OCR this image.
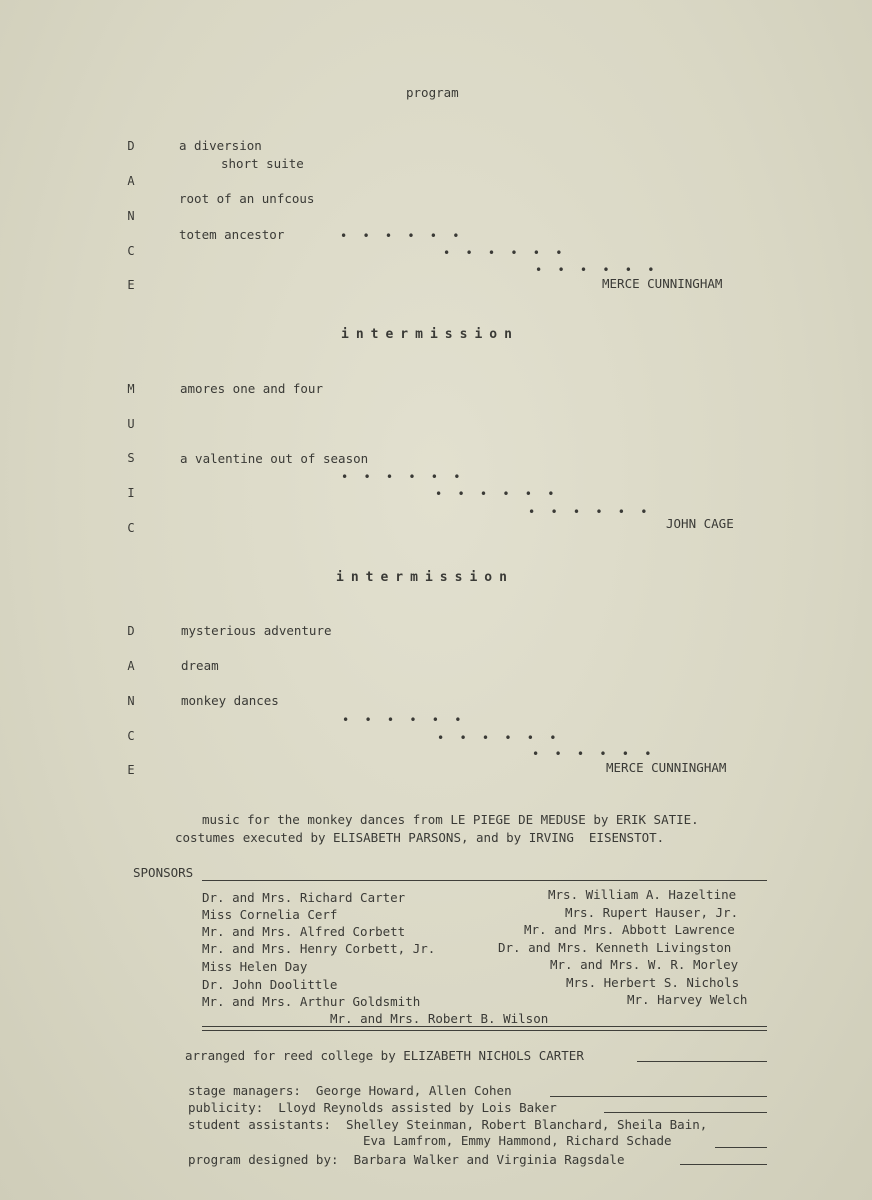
program
D
A
N
C
E
a diversion
short suite
root of an unfcous
totem ancestor	• • • • • •
• • • • • •
• • • • • •
MERCE CUNNINGHAM
intermission
M
U
S
I
C
amores one and four
a valentine out of season
• • • • • •
• • • • • •
• • • • • •
JOHN CAGE
intermission
D
A
N
C
E
mysterious adventure
dream
monkey dances
• • • • • •
• • • • • •
• • • • • •
MERCE CUNNINGHAM
music for the monkey dances from LE PIEGE DE MEDUSE by ERIK SATIE.
costumes executed by ELISABETH PARSONS, and by IRVING  EISENSTOT.
SPONSORS
Dr. and Mrs. Richard Carter
Miss Cornelia Cerf
Mr. and Mrs. Alfred Corbett
Mr. and Mrs. Henry Corbett, Jr.
Miss Helen Day
Dr. John Doolittle
Mr. and Mrs. Arthur Goldsmith
Mrs. William A. Hazeltine
Mrs. Rupert Hauser, Jr.
Mr. and Mrs. Abbott Lawrence
Dr. and Mrs. Kenneth Livingston
Mr. and Mrs. W. R. Morley
Mrs. Herbert S. Nichols
Mr. Harvey Welch
Mr. and Mrs. Robert B. Wilson
arranged for reed college by ELIZABETH NICHOLS CARTER
stage managers:  George Howard, Allen Cohen
publicity:  Lloyd Reynolds assisted by Lois Baker
student assistants:  Shelley Steinman, Robert Blanchard, Sheila Bain,
Eva Lamfrom, Emmy Hammond, Richard Schade
program designed by:  Barbara Walker and Virginia Ragsdale
